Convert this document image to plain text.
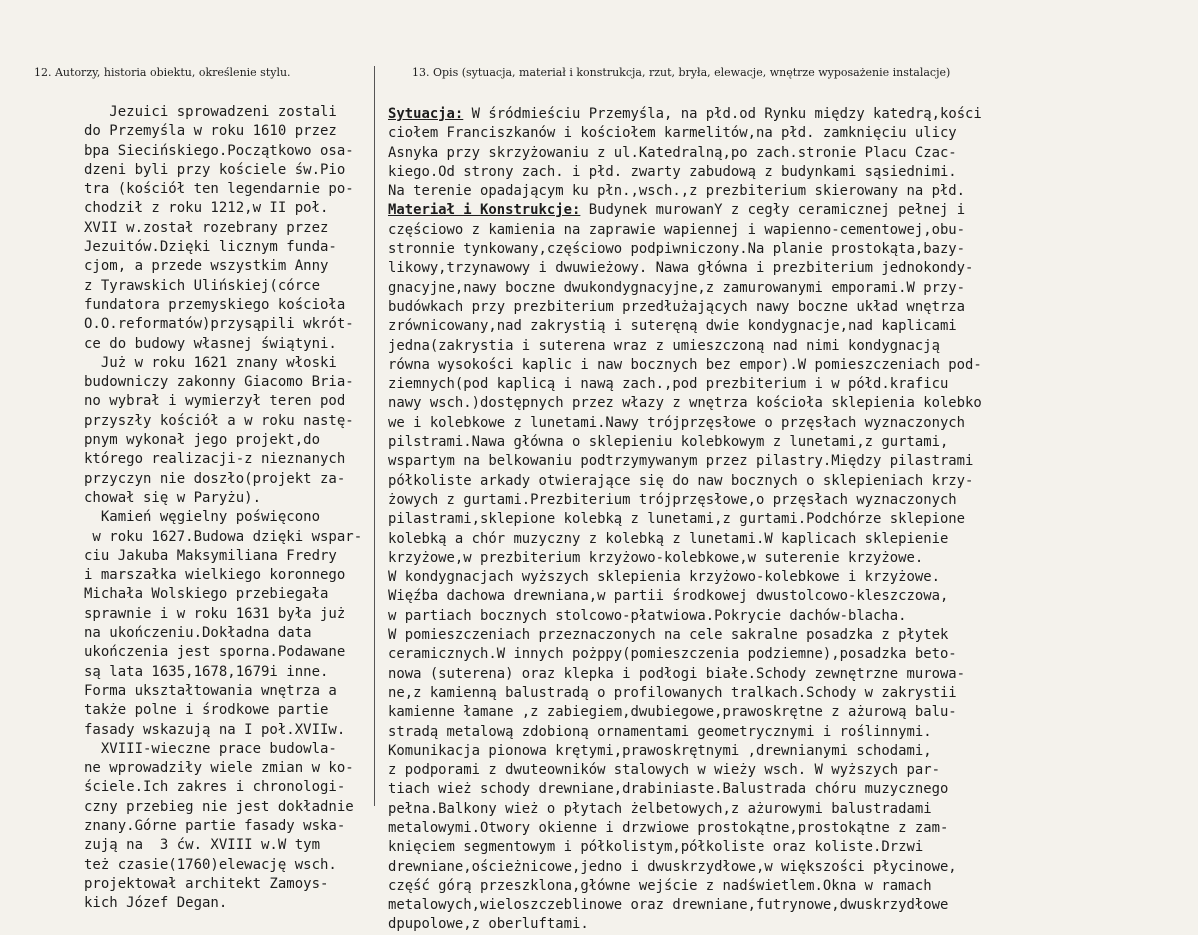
12. Autorzy, historia obiektu, określenie stylu.	13. Opis (sytuacja, materiał i konstrukcja, rzut, bryła, elewacje, wnętrze wyposażenie instalacje)
Jezuici sprowadzeni zostali
do Przemyśla w roku 1610 przez
bpa Siecińskiego.Początkowo osa-
dzeni byli przy kościele św.Pio
tra (kościół ten legendarnie po-
chodził z roku 1212,w II poł.
XVII w.został rozebrany przez
Jezuitów.Dzięki licznym funda-
cjom, a przede wszystkim Anny
z Tyrawskich Ulińskiej(córce
fundatora przemyskiego kościoła
O.O.reformatów)przysąpili wkrót-
ce do budowy własnej świątyni.
Już w roku 1621 znany włoski
budowniczy zakonny Giacomo Bria-
no wybrał i wymierzył teren pod
przyszły kościół a w roku nastę-
pnym wykonał jego projekt,do
którego realizacji-z nieznanych
przyczyn nie doszło(projekt za-
chował się w Paryżu).
Kamień węgielny poświęcono
w roku 1627.Budowa dzięki wspar-
ciu Jakuba Maksymiliana Fredry
i marszałka wielkiego koronnego
Michała Wolskiego przebiegała
sprawnie i w roku 1631 była już
na ukończeniu.Dokładna data
ukończenia jest sporna.Podawane
są lata 1635,1678,1679i inne.
Forma ukształtowania wnętrza a
także polne i środkowe partie
fasady wskazują na I poł.XVIIw.
XVIII-wieczne prace budowla-
ne wprowadziły wiele zmian w ko-
ściele.Ich zakres i chronologi-
czny przebieg nie jest dokładnie
znany.Górne partie fasady wska-
zują na  3 ćw. XVIII w.W tym
też czasie(1760)elewację wsch.
projektował architekt Zamoys-
kich Józef Degan.
Sytuacja: W śródmieściu Przemyśla, na płd.od Rynku między katedrą,kości
ciołem Franciszkanów i kościołem karmelitów,na płd. zamknięciu ulicy
Asnyka przy skrzyżowaniu z ul.Katedralną,po zach.stronie Placu Czac-
kiego.Od strony zach. i płd. zwarty zabudową z budynkami sąsiednimi.
Na terenie opadającym ku płn.,wsch.,z prezbiterium skierowany na płd.
Materiał i Konstrukcje: Budynek murowanY z cegły ceramicznej pełnej i
częściowo z kamienia na zaprawie wapiennej i wapienno-cementowej,obu-
stronnie tynkowany,częściowo podpiwniczony.Na planie prostokąta,bazy-
likowy,trzynawowy i dwuwieżowy. Nawa główna i prezbiterium jednokondy-
gnacyjne,nawy boczne dwukondygnacyjne,z zamurowanymi emporami.W przy-
budówkach przy prezbiterium przedłużających nawy boczne układ wnętrza
zrównicowany,nad zakrystią i suteręną dwie kondygnacje,nad kaplicami
jedna(zakrystia i suterena wraz z umieszczoną nad nimi kondygnacją
równa wysokości kaplic i naw bocznych bez empor).W pomieszczeniach pod-
ziemnych(pod kaplicą i nawą zach.,pod prezbiterium i w półd.kraficu
nawy wsch.)dostępnych przez włazy z wnętrza kościoła sklepienia kolebko
we i kolebkowe z lunetami.Nawy trójprzęsłowe o przęsłach wyznaczonych
pilstrami.Nawa główna o sklepieniu kolebkowym z lunetami,z gurtami,
wspartym na belkowaniu podtrzymywanym przez pilastry.Między pilastrami
półkoliste arkady otwierające się do naw bocznych o sklepieniach krzy-
żowych z gurtami.Prezbiterium trójprzęsłowe,o przęsłach wyznaczonych
pilastrami,sklepione kolebką z lunetami,z gurtami.Podchórze sklepione
kolebką a chór muzyczny z kolebką z lunetami.W kaplicach sklepienie
krzyżowe,w prezbiterium krzyżowo-kolebkowe,w suterenie krzyżowe.
W kondygnacjach wyższych sklepienia krzyżowo-kolebkowe i krzyżowe.
Więźba dachowa drewniana,w partii środkowej dwustolcowo-kleszczowa,
w partiach bocznych stolcowo-płatwiowa.Pokrycie dachów-blacha.
W pomieszczeniach przeznaczonych na cele sakralne posadzka z płytek
ceramicznych.W innych pożppy(pomieszczenia podziemne),posadzka beto-
nowa (suterena) oraz klepka i podłogi białe.Schody zewnętrzne murowa-
ne,z kamienną balustradą o profilowanych tralkach.Schody w zakrystii
kamienne łamane ,z zabiegiem,dwubiegowe,prawoskrętne z ażurową balu-
stradą metalową zdobioną ornamentami geometrycznymi i roślinnymi.
Komunikacja pionowa krętymi,prawoskrętnymi ,drewnianymi schodami,
z podporami z dwuteowników stalowych w wieży wsch. W wyższych par-
tiach wież schody drewniane,drabiniaste.Balustrada chóru muzycznego
pełna.Balkony wież o płytach żelbetowych,z ażurowymi balustradami
metalowymi.Otwory okienne i drzwiowe prostokątne,prostokątne z zam-
knięciem segmentowym i półkolistym,półkoliste oraz koliste.Drzwi
drewniane,ościeżnicowe,jedno i dwuskrzydłowe,w większości płycinowe,
część górą przeszklona,główne wejście z nadświetlem.Okna w ramach
metalowych,wieloszczeblinowe oraz drewniane,futrynowe,dwuskrzydłowe
dpupolowe,z oberluftami.
